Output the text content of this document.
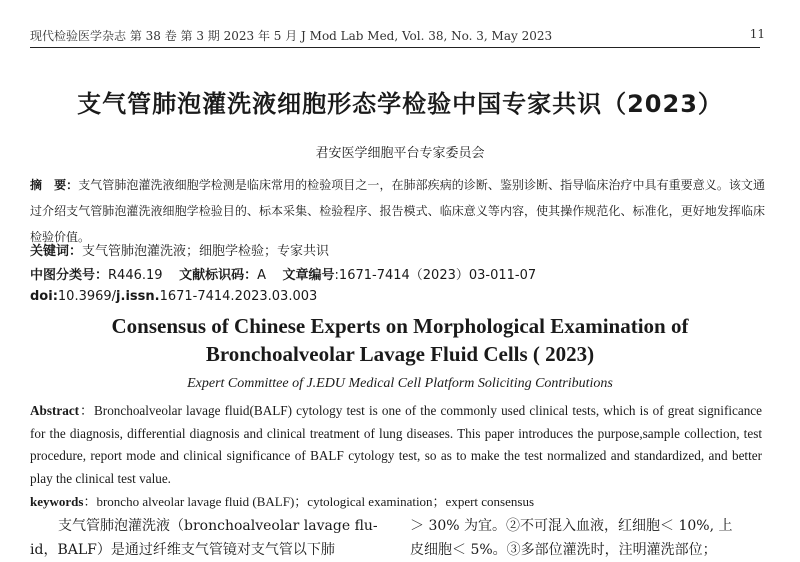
现代检验医学杂志 第 38 卷 第 3 期 2023 年 5 月 J Mod Lab Med, Vol. 38, No. 3, May 2023	11
支气管肺泡灌洗液细胞形态学检验中国专家共识（2023）
君安医学细胞平台专家委员会
摘　要：支气管肺泡灌洗液细胞学检测是临床常用的检验项目之一，在肺部疾病的诊断、鉴别诊断、指导临床治疗中具有重要意义。该文通过介绍支气管肺泡灌洗液细胞学检验目的、标本采集、检验程序、报告模式、临床意义等内容，使其操作规范化、标准化，更好地发挥临床检验价值。
关键词：支气管肺泡灌洗液；细胞学检验；专家共识
中图分类号：R446.19 文献标识码：A 文章编号:1671-7414（2023）03-011-07
doi:10.3969/j.issn.1671-7414.2023.03.003
Consensus of Chinese Experts on Morphological Examination of
Bronchoalveolar Lavage Fluid Cells ( 2023)
Expert Committee of J.EDU Medical Cell Platform Soliciting Contributions
Abstract：Bronchoalveolar lavage fluid(BALF) cytology test is one of the commonly used clinical tests, which is of great significance for the diagnosis, differential diagnosis and clinical treatment of lung diseases. This paper introduces the purpose,sample collection, test procedure, report mode and clinical significance of BALF cytology test, so as to make the test normalized and standardized, and better play the clinical test value.
keywords：broncho alveolar lavage fluid (BALF)；cytological examination；expert consensus
支气管肺泡灌洗液（bronchoalveolar lavage flu-
id，BALF）是通过纤维支气管镜对支气管以下肺
＞ 30% 为宜。②不可混入血液，红细胞＜ 10%, 上
皮细胞＜ 5%。③多部位灌洗时，注明灌洗部位；
